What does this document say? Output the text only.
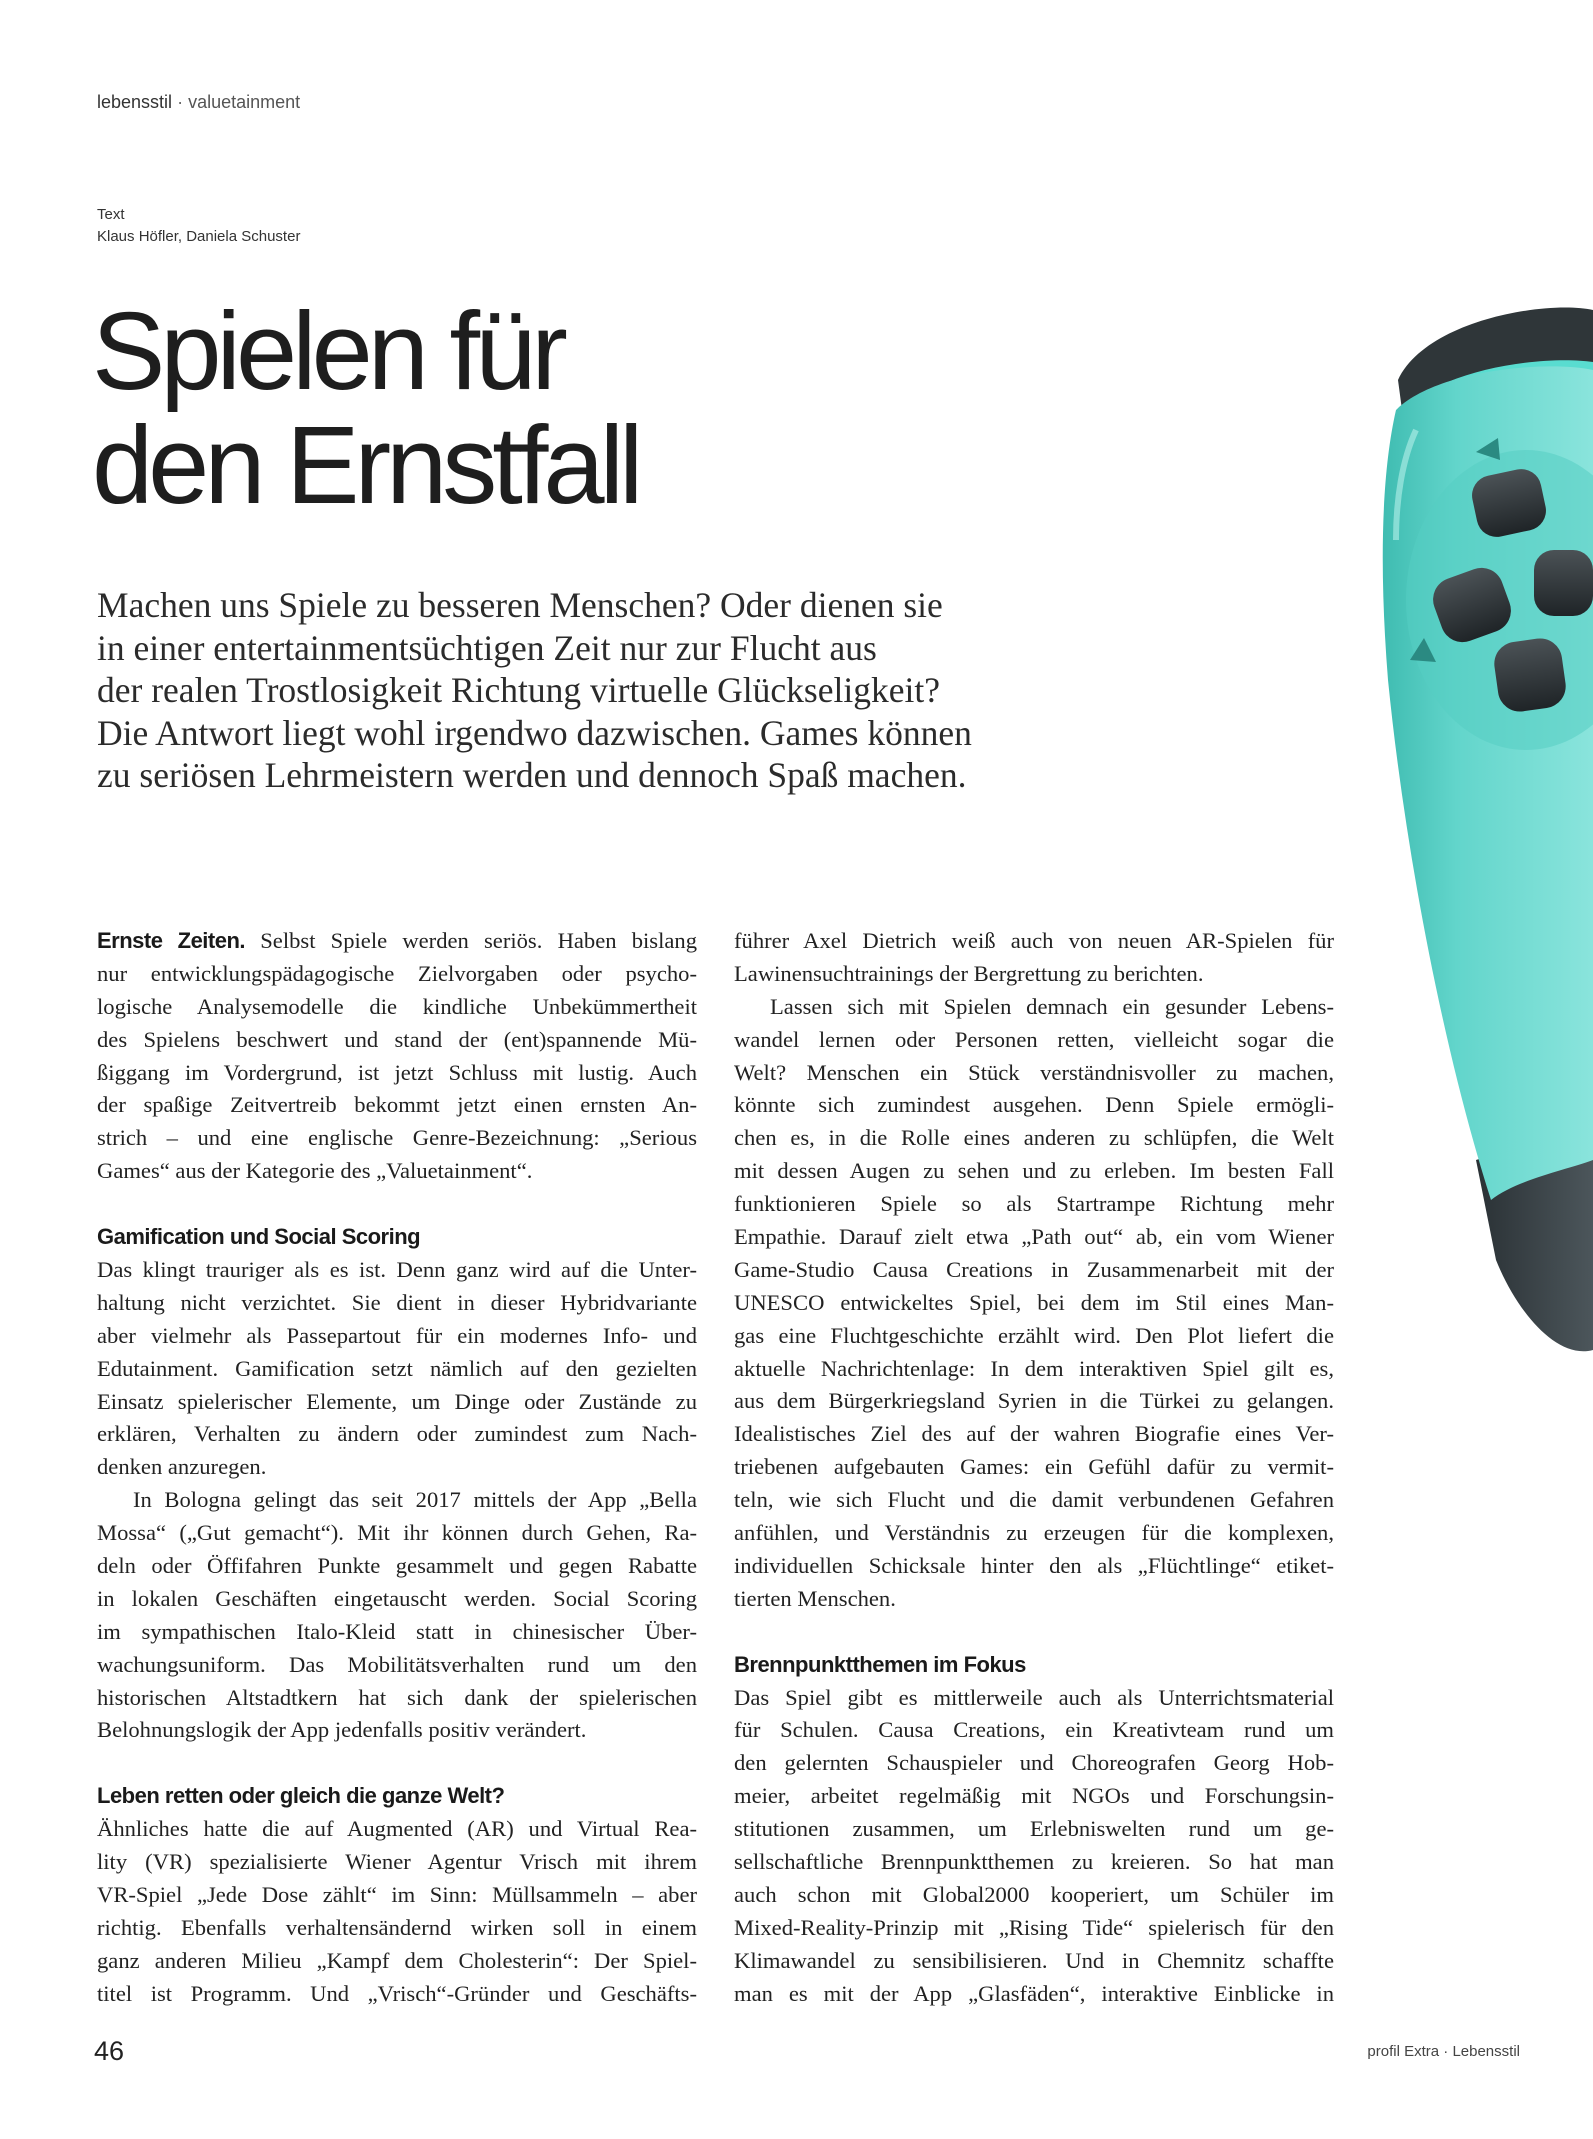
lebensstil · valuetainment
Text
Klaus Höfler, Daniela Schuster
Spielen für
den Ernstfall

Machen uns Spiele zu besseren Menschen? Oder dienen sie
in einer entertainmentsüchtigen Zeit nur zur Flucht aus
der realen Trostlosigkeit Richtung virtuelle Glückseligkeit?
Die Antwort liegt wohl irgendwo dazwischen. Games können
zu seriösen Lehrmeistern werden und dennoch Spaß machen.

Ernste Zeiten. Selbst Spiele werden seriös. Haben bislang
nur entwicklungspädagogische Zielvorgaben oder psycho-
logische Analysemodelle die kindliche Unbekümmertheit
des Spielens beschwert und stand der (ent)spannende Mü-
ßiggang im Vordergrund, ist jetzt Schluss mit lustig. Auch
der spaßige Zeitvertreib bekommt jetzt einen ernsten An-
strich – und eine englische Genre-Bezeichnung: „Serious
Games“ aus der Kategorie des „Valuetainment“.
Gamification und Social Scoring
Das klingt trauriger als es ist. Denn ganz wird auf die Unter-
haltung nicht verzichtet. Sie dient in dieser Hybridvariante
aber vielmehr als Passepartout für ein modernes Info- und
Edutainment. Gamification setzt nämlich auf den gezielten
Einsatz spielerischer Elemente, um Dinge oder Zustände zu
erklären, Verhalten zu ändern oder zumindest zum Nach-
denken anzuregen.
In Bologna gelingt das seit 2017 mittels der App „Bella
Mossa“ („Gut gemacht“). Mit ihr können durch Gehen, Ra-
deln oder Öffifahren Punkte gesammelt und gegen Rabatte
in lokalen Geschäften eingetauscht werden. Social Scoring
im sympathischen Italo-Kleid statt in chinesischer Über-
wachungsuniform. Das Mobilitätsverhalten rund um den
historischen Altstadtkern hat sich dank der spielerischen
Belohnungslogik der App jedenfalls positiv verändert.
Leben retten oder gleich die ganze Welt?
Ähnliches hatte die auf Augmented (AR) und Virtual Rea-
lity (VR) spezialisierte Wiener Agentur Vrisch mit ihrem
VR-Spiel „Jede Dose zählt“ im Sinn: Müllsammeln – aber
richtig. Ebenfalls verhaltensändernd wirken soll in einem
ganz anderen Milieu „Kampf dem Cholesterin“: Der Spiel-
titel ist Programm. Und „Vrisch“-Gründer und Geschäfts-
führer Axel Dietrich weiß auch von neuen AR-Spielen für
Lawinensuchtrainings der Bergrettung zu berichten.
Lassen sich mit Spielen demnach ein gesunder Lebens-
wandel lernen oder Personen retten, vielleicht sogar die
Welt? Menschen ein Stück verständnisvoller zu machen,
könnte sich zumindest ausgehen. Denn Spiele ermögli-
chen es, in die Rolle eines anderen zu schlüpfen, die Welt
mit dessen Augen zu sehen und zu erleben. Im besten Fall
funktionieren Spiele so als Startrampe Richtung mehr
Empathie. Darauf zielt etwa „Path out“ ab, ein vom Wiener
Game-Studio Causa Creations in Zusammenarbeit mit der
UNESCO entwickeltes Spiel, bei dem im Stil eines Man-
gas eine Fluchtgeschichte erzählt wird. Den Plot liefert die
aktuelle Nachrichtenlage: In dem interaktiven Spiel gilt es,
aus dem Bürgerkriegsland Syrien in die Türkei zu gelangen.
Idealistisches Ziel des auf der wahren Biografie eines Ver-
triebenen aufgebauten Games: ein Gefühl dafür zu vermit-
teln, wie sich Flucht und die damit verbundenen Gefahren
anfühlen, und Verständnis zu erzeugen für die komplexen,
individuellen Schicksale hinter den als „Flüchtlinge“ etiket-
tierten Menschen.
Brennpunktthemen im Fokus
Das Spiel gibt es mittlerweile auch als Unterrichtsmaterial
für Schulen. Causa Creations, ein Kreativteam rund um
den gelernten Schauspieler und Choreografen Georg Hob-
meier, arbeitet regelmäßig mit NGOs und Forschungsin-
stitutionen zusammen, um Erlebniswelten rund um ge-
sellschaftliche Brennpunktthemen zu kreieren. So hat man
auch schon mit Global2000 kooperiert, um Schüler im
Mixed-Reality-Prinzip mit „Rising Tide“ spielerisch für den
Klimawandel zu sensibilisieren. Und in Chemnitz schaffte
man es mit der App „Glasfäden“, interaktive Einblicke in
46	profil Extra · Lebensstil
